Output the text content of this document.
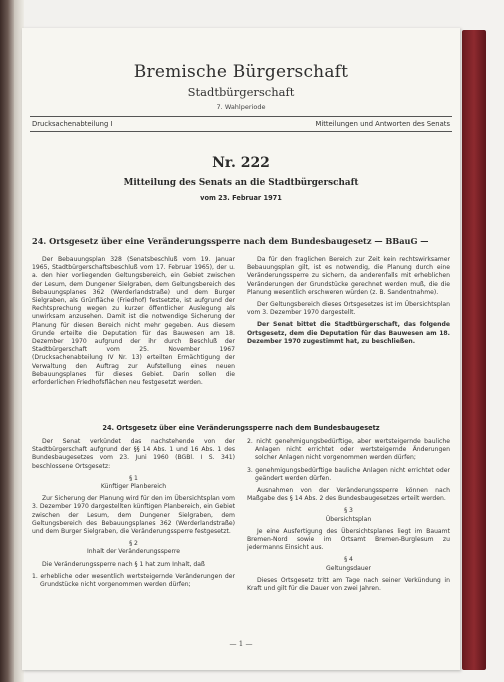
Bremische Bürgerschaft
Stadtbürgerschaft
7. Wahlperiode
Drucksachenabteilung I	Mitteilungen und Antworten des Senats
Nr. 222
Mitteilung des Senats an die Stadtbürgerschaft
vom 23. Februar 1971
24. Ortsgesetz über eine Veränderungssperre nach dem Bundesbaugesetz — BBauG —

Der Bebauungsplan 328 (Senatsbeschluß vom 19. Januar 1965, Stadtbürgerschaftsbeschluß vom 17. Februar 1965), der u. a. den hier vorliegenden Geltungsbereich, ein Gebiet zwischen der Lesum, dem Dungener Sielgraben, dem Geltungsbereich des Bebauungsplanes 362 (Werderlandstraße) und dem Burger Sielgraben, als Grünfläche (Friedhof) festsetzte, ist aufgrund der Rechtsprechung wegen zu kurzer öffentlicher Auslegung als unwirksam anzusehen. Damit ist die notwendige Sicherung der Planung für diesen Bereich nicht mehr gegeben. Aus diesem Grunde erteilte die Deputation für das Bauwesen am 18. Dezember 1970 aufgrund der ihr durch Beschluß der Stadtbürgerschaft vom 25. November 1967 (Drucksachenabteilung IV Nr. 13) erteilten Ermächtigung der Verwaltung den Auftrag zur Aufstellung eines neuen Bebauungsplanes für dieses Gebiet. Darin sollen die erforderlichen Friedhofsflächen neu festgesetzt werden.

Da für den fraglichen Bereich zur Zeit kein rechtswirksamer Bebauungsplan gilt, ist es notwendig, die Planung durch eine Veränderungssperre zu sichern, da anderenfalls mit erheblichen Veränderungen der Grundstücke gerechnet werden muß, die die Planung wesentlich erschweren würden (z. B. Sandentnahme).

Der Geltungsbereich dieses Ortsgesetzes ist im Übersichtsplan vom 3. Dezember 1970 dargestellt.

Der Senat bittet die Stadtbürgerschaft, das folgende Ortsgesetz, dem die Deputation für das Bauwesen am 18. Dezember 1970 zugestimmt hat, zu beschließen.

24. Ortsgesetz über eine Veränderungssperre nach dem Bundesbaugesetz

Der Senat verkündet das nachstehende von der Stadtbürgerschaft aufgrund der §§ 14 Abs. 1 und 16 Abs. 1 des Bundesbaugesetzes vom 23. Juni 1960 (BGBl. I S. 341) beschlossene Ortsgesetz:

§ 1

Künftiger Planbereich

Zur Sicherung der Planung wird für den im Übersichtsplan vom 3. Dezember 1970 dargestellten künftigen Planbereich, ein Gebiet zwischen der Lesum, dem Dungener Sielgraben, dem Geltungsbereich des Bebauungsplanes 362 (Werderlandstraße) und dem Burger Sielgraben, die Veränderungssperre festgesetzt.

§ 2

Inhalt der Veränderungssperre

Die Veränderungssperre nach § 1 hat zum Inhalt, daß

1. erhebliche oder wesentlich wertsteigernde Veränderungen der Grundstücke nicht vorgenommen werden dürfen;

2. nicht genehmigungsbedürftige, aber wertsteigernde bauliche Anlagen nicht errichtet oder wertsteigernde Änderungen solcher Anlagen nicht vorgenommen werden dürfen;

3. genehmigungsbedürftige bauliche Anlagen nicht errichtet oder geändert werden dürfen.

Ausnahmen von der Veränderungssperre können nach Maßgabe des § 14 Abs. 2 des Bundesbaugesetzes erteilt werden.

§ 3

Übersichtsplan

Je eine Ausfertigung des Übersichtsplanes liegt im Bauamt Bremen-Nord sowie im Ortsamt Bremen-Burglesum zu jedermanns Einsicht aus.

§ 4

Geltungsdauer

Dieses Ortsgesetz tritt am Tage nach seiner Verkündung in Kraft und gilt für die Dauer von zwei Jahren.

— 1 —
